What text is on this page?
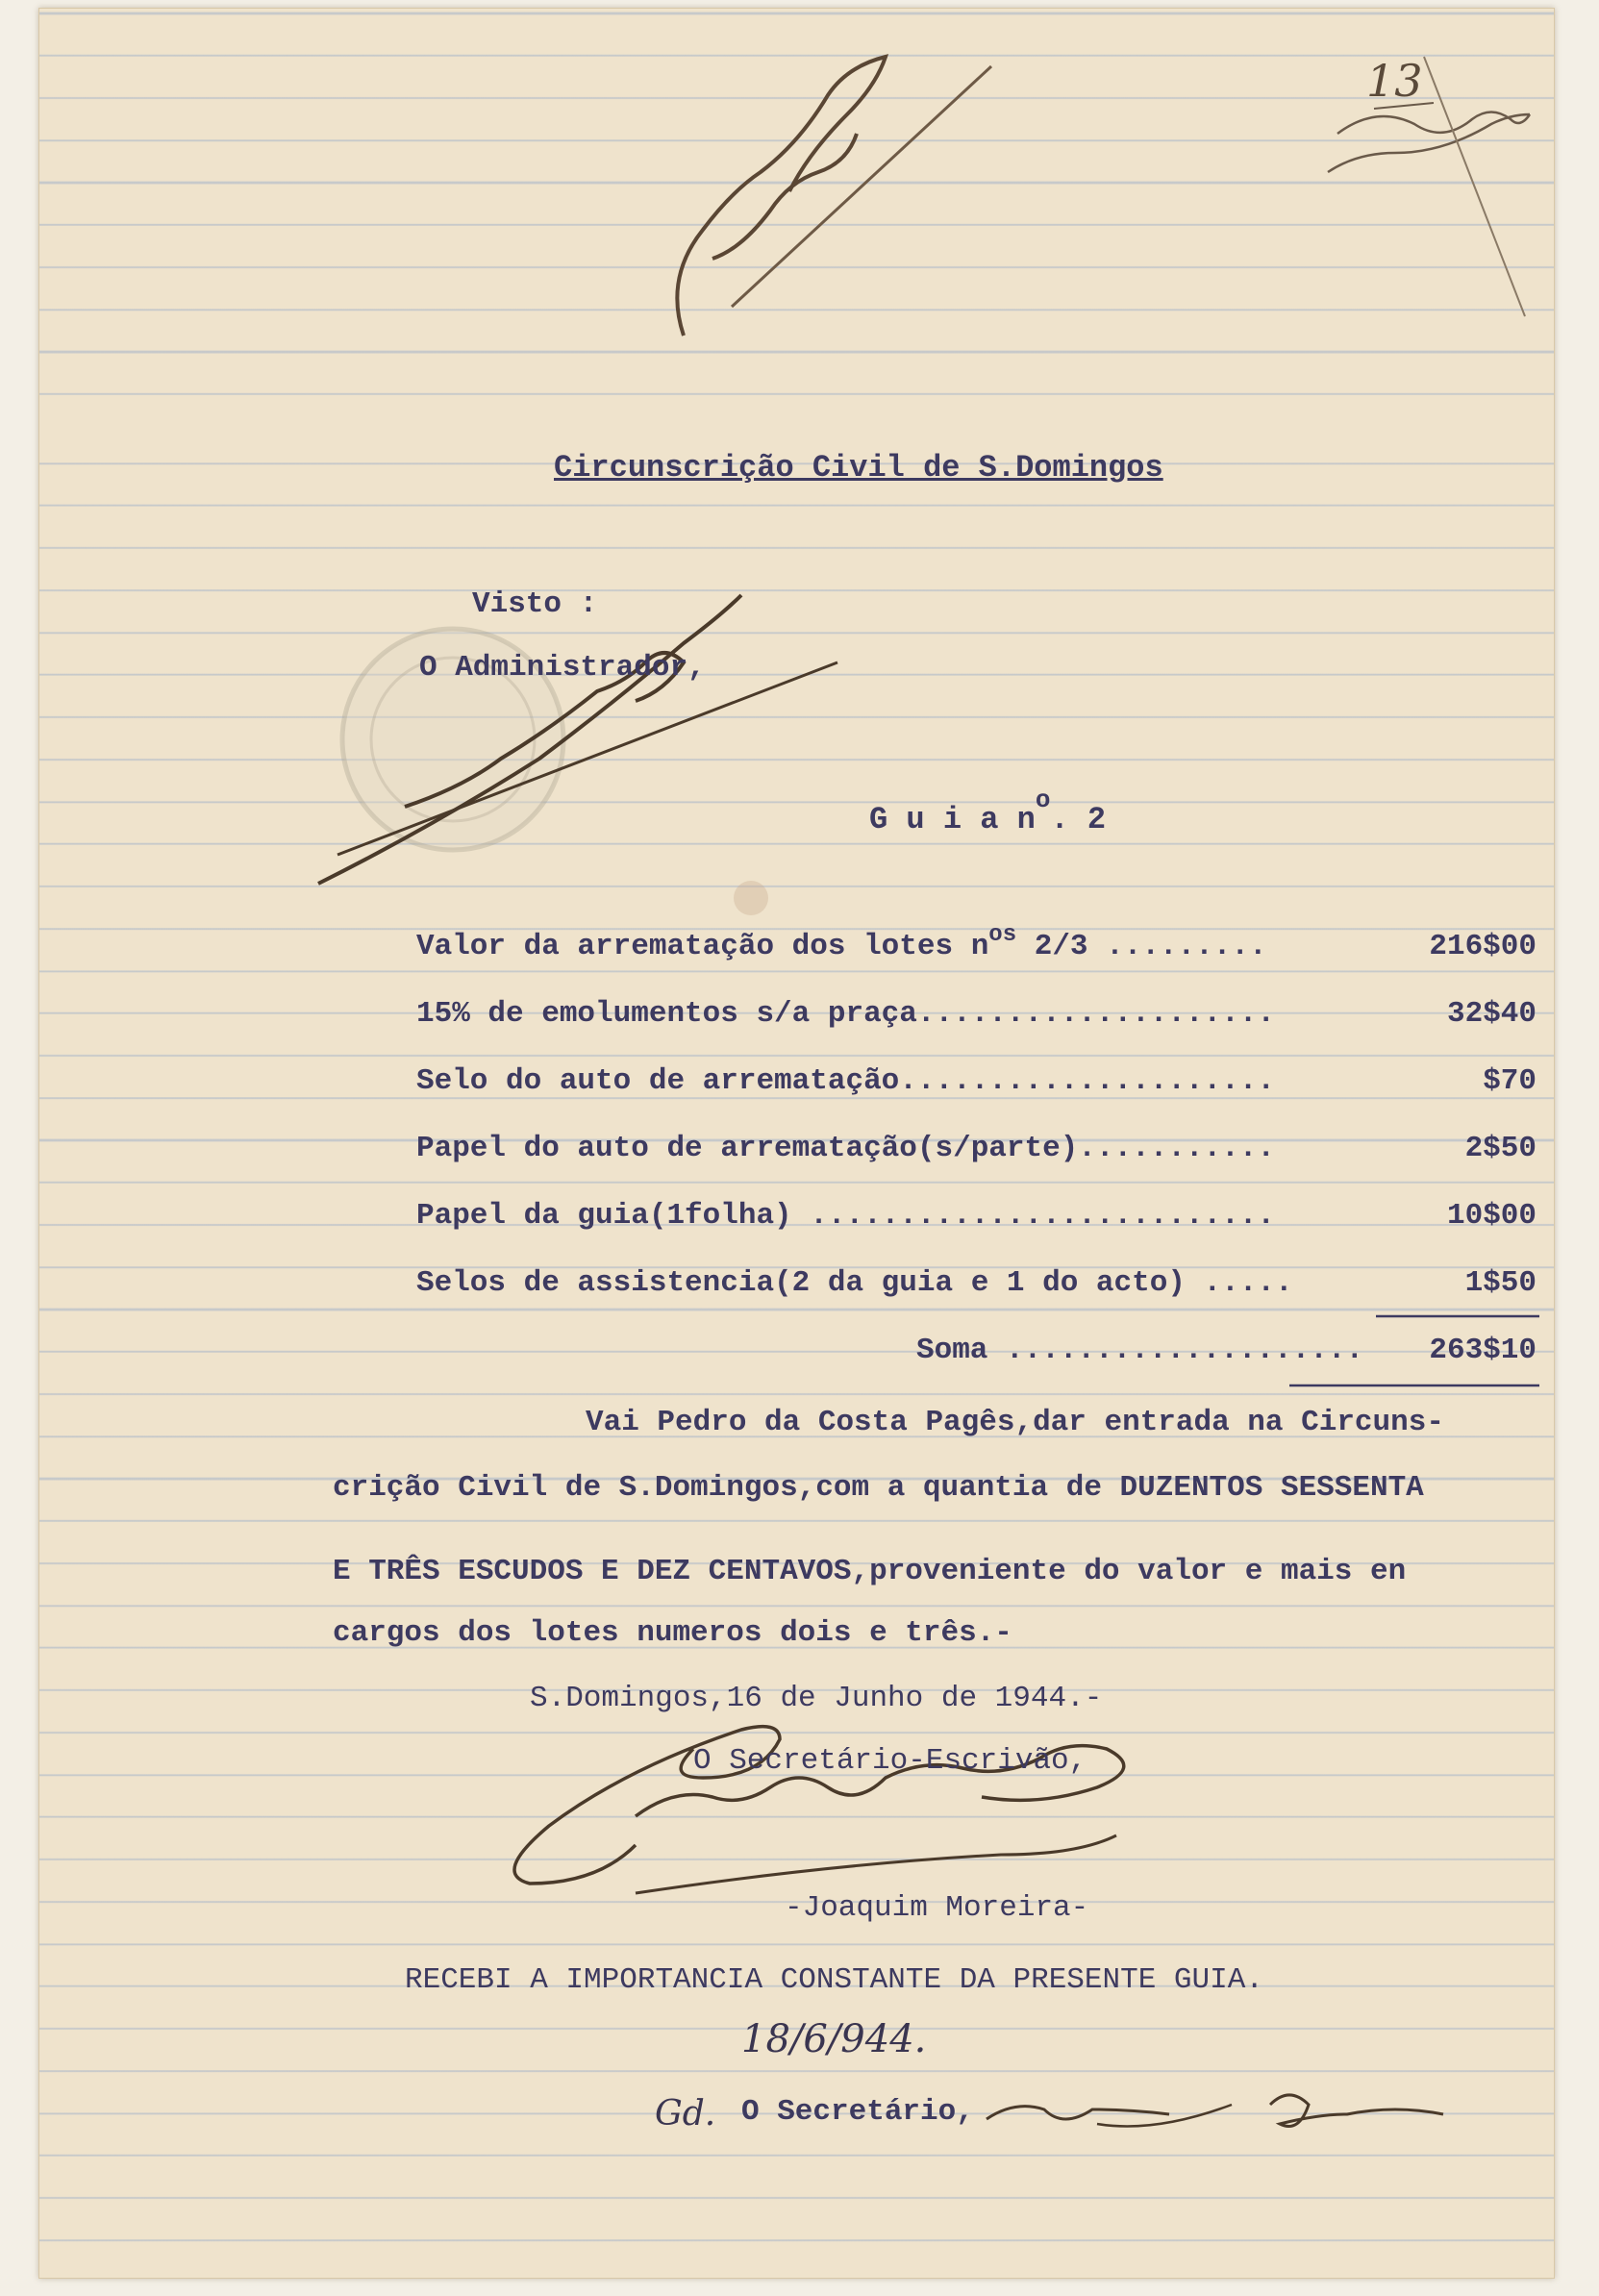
13
Circunscrição Civil de S.Domingos
Visto :
O Administrador,
G u i a $n^o$. 2
Valor da arrematação dos lotes $n^{os}$ 2/3 .........	216$00
15% de emolumentos s/a praça....................	32$40
Selo do auto de arrematação.....................	$70
Papel do auto de arrematação(s/parte)...........	2$50
Papel da guia(1folha) ..........................	10$00
Selos de assistencia(2 da guia e 1 do acto) .....	1$50
Soma .................... 263$10
Vai Pedro da Costa Pagês,dar entrada na Circuns-
crição Civil de S.Domingos,com a quantia de DUZENTOS SESSENTA
E TRÊS ESCUDOS E DEZ CENTAVOS,proveniente do valor e mais en
cargos dos lotes numeros dois e três.-
S.Domingos,16 de Junho de 1944.-
O Secretário-Escrivão,
-Joaquim Moreira-
RECEBI A IMPORTANCIA CONSTANTE DA PRESENTE GUIA.
18/6/944.
Gd. O Secretário,
